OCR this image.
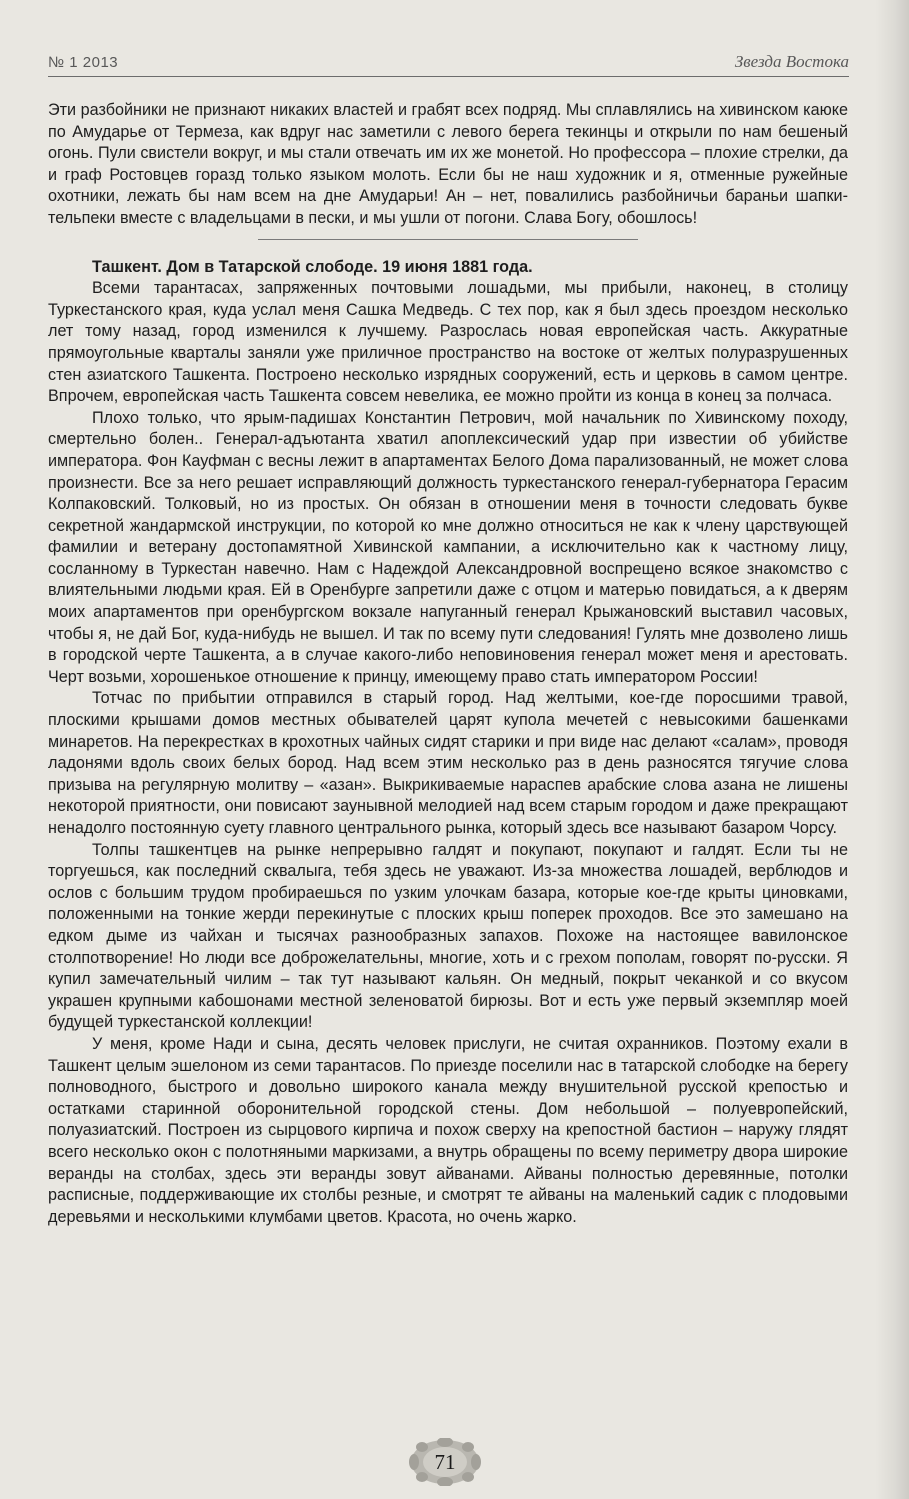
№ 1 2013	Звезда Востока

Эти разбойники не признают никаких властей и грабят всех подряд. Мы сплавлялись на хивинском каюке по Амударье от Термеза, как вдруг нас заметили с левого берега текинцы и открыли по нам бешеный огонь. Пули свистели вокруг, и мы стали отвечать им их же монетой. Но профессора – плохие стрелки, да и граф Ростовцев горазд только языком молоть. Если бы не наш художник и я, отменные ружейные охотники, лежать бы нам всем на дне Амударьи! Ан – нет, повалились разбойничьи бараньи шапки-тельпеки вместе с владельцами в пески, и мы ушли от погони. Слава Богу, обошлось!

Ташкент. Дом в Татарской слободе. 19 июня 1881 года.

Всеми тарантасах, запряженных почтовыми лошадьми, мы прибыли, наконец, в столицу Туркестанского края, куда услал меня Сашка Медведь. С тех пор, как я был здесь проездом несколько лет тому назад, город изменился к лучшему. Разрослась новая европейская часть. Аккуратные прямоугольные кварталы заняли уже приличное пространство на востоке от желтых полуразрушенных стен азиатского Ташкента. Построено несколько изрядных сооружений, есть и церковь в самом центре. Впрочем, европейская часть Ташкента совсем невелика, ее можно пройти из конца в конец за полчаса.

Плохо только, что ярым-падишах Константин Петрович, мой начальник по Хивинскому походу, смертельно болен.. Генерал-адъютанта хватил апоплексический удар при известии об убийстве императора. Фон Кауфман с весны лежит в апартаментах Белого Дома парализованный, не может слова произнести. Все за него решает исправляющий должность туркестанского генерал-губернатора Герасим Колпаковский. Толковый, но из простых. Он обязан в отношении меня в точности следовать букве секретной жандармской инструкции, по которой ко мне должно относиться не как к члену царствующей фамилии и ветерану достопамятной Хивинской кампании, а исключительно как к частному лицу, сосланному в Туркестан навечно. Нам с Надеждой Александровной воспрещено всякое знакомство с влиятельными людьми края. Ей в Оренбурге запретили даже с отцом и матерью повидаться, а к дверям моих апартаментов при оренбургском вокзале напуганный генерал Крыжановский выставил часовых, чтобы я, не дай Бог, куда-нибудь не вышел. И так по всему пути следования! Гулять мне дозволено лишь в городской черте Ташкента, а в случае какого-либо неповиновения генерал может меня и арестовать. Черт возьми, хорошенькое отношение к принцу, имеющему право стать императором России!

Тотчас по прибытии отправился в старый город. Над желтыми, кое-где поросшими травой, плоскими крышами домов местных обывателей царят купола мечетей с невысокими башенками минаретов. На перекрестках в крохотных чайных сидят старики и при виде нас делают «салам», проводя ладонями вдоль своих белых бород. Над всем этим несколько раз в день разносятся тягучие слова призыва на регулярную молитву – «азан». Выкрикиваемые нараспев арабские слова азана не лишены некоторой приятности, они повисают заунывной мелодией над всем старым городом и даже прекращают ненадолго постоянную суету главного центрального рынка, который здесь все называют базаром Чорсу.

Толпы ташкентцев на рынке непрерывно галдят и покупают, покупают и галдят. Если ты не торгуешься, как последний сквалыга, тебя здесь не уважают. Из-за множества лошадей, верблюдов и ослов с большим трудом пробираешься по узким улочкам базара, которые кое-где крыты циновками, положенными на тонкие жерди перекинутые с плоских крыш поперек проходов. Все это замешано на едком дыме из чайхан и тысячах разнообразных запахов. Похоже на настоящее вавилонское столпотворение! Но люди все доброжелательны, многие, хоть и с грехом пополам, говорят по-русски. Я купил замечательный чилим – так тут называют кальян. Он медный, покрыт чеканкой и со вкусом украшен крупными кабошонами местной зеленоватой бирюзы. Вот и есть уже первый экземпляр моей будущей туркестанской коллекции!

У меня, кроме Нади и сына, десять человек прислуги, не считая охранников. Поэтому ехали в Ташкент целым эшелоном из семи тарантасов. По приезде поселили нас в татарской слободке на берегу полноводного, быстрого и довольно широкого канала между внушительной русской крепостью и остатками старинной оборонительной городской стены. Дом небольшой – полуевропейский, полуазиатский. Построен из сырцового кирпича и похож сверху на крепостной бастион – наружу глядят всего несколько окон с полотняными маркизами, а внутрь обращены по всему периметру двора широкие веранды на столбах, здесь эти веранды зовут айванами. Айваны полностью деревянные, потолки расписные, поддерживающие их столбы резные, и смотрят те айваны на маленький садик с плодовыми деревьями и несколькими клумбами цветов. Красота, но очень жарко.

71
